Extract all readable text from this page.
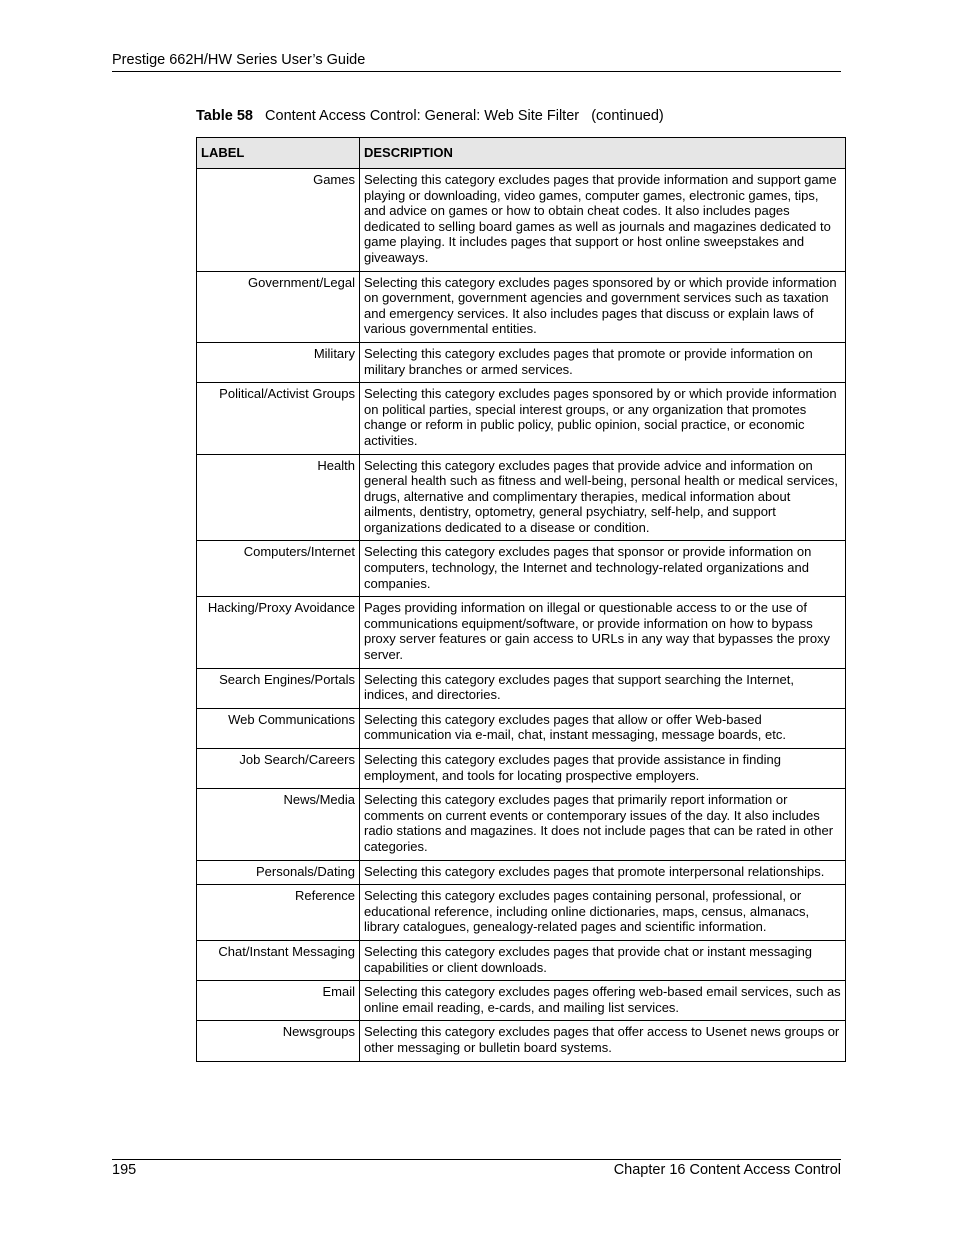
Prestige 662H/HW Series User’s Guide
Table 58 Content Access Control: General: Web Site Filter (continued)
LABEL	DESCRIPTION
Games	Selecting this category excludes pages that provide information and support game playing or downloading, video games, computer games, electronic games, tips, and advice on games or how to obtain cheat codes. It also includes pages dedicated to selling board games as well as journals and magazines dedicated to game playing. It includes pages that support or host online sweepstakes and giveaways.
Government/Legal	Selecting this category excludes pages sponsored by or which provide information on government, government agencies and government services such as taxation and emergency services. It also includes pages that discuss or explain laws of various governmental entities.
Military	Selecting this category excludes pages that promote or provide information on military branches or armed services.
Political/Activist Groups	Selecting this category excludes pages sponsored by or which provide information on political parties, special interest groups, or any organization that promotes change or reform in public policy, public opinion, social practice, or economic activities.
Health	Selecting this category excludes pages that provide advice and information on general health such as fitness and well-being, personal health or medical services, drugs, alternative and complimentary therapies, medical information about ailments, dentistry, optometry, general psychiatry, self-help, and support organizations dedicated to a disease or condition.
Computers/Internet	Selecting this category excludes pages that sponsor or provide information on computers, technology, the Internet and technology-related organizations and companies.
Hacking/Proxy Avoidance	Pages providing information on illegal or questionable access to or the use of communications equipment/software, or provide information on how to bypass proxy server features or gain access to URLs in any way that bypasses the proxy server.
Search Engines/Portals	Selecting this category excludes pages that support searching the Internet, indices, and directories.
Web Communications	Selecting this category excludes pages that allow or offer Web-based communication via e-mail, chat, instant messaging, message boards, etc.
Job Search/Careers	Selecting this category excludes pages that provide assistance in finding employment, and tools for locating prospective employers.
News/Media	Selecting this category excludes pages that primarily report information or comments on current events or contemporary issues of the day. It also includes radio stations and magazines. It does not include pages that can be rated in other categories.
Personals/Dating	Selecting this category excludes pages that promote interpersonal relationships.
Reference	Selecting this category excludes pages containing personal, professional, or educational reference, including online dictionaries, maps, census, almanacs, library catalogues, genealogy-related pages and scientific information.
Chat/Instant Messaging	Selecting this category excludes pages that provide chat or instant messaging capabilities or client downloads.
Email	Selecting this category excludes pages offering web-based email services, such as online email reading, e-cards, and mailing list services.
Newsgroups	Selecting this category excludes pages that offer access to Usenet news groups or other messaging or bulletin board systems.
195	Chapter 16 Content Access Control
